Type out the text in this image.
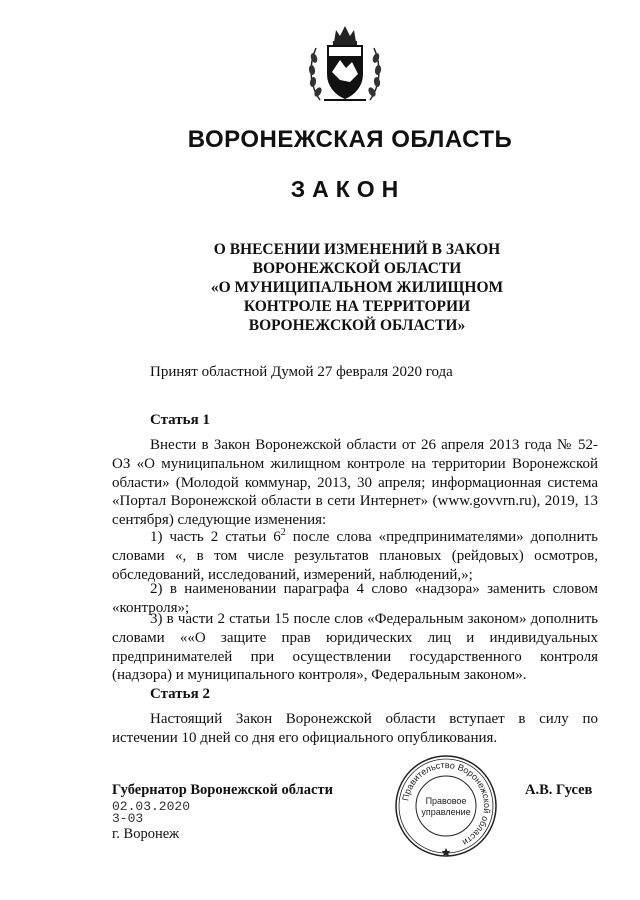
ВОРОНЕЖСКАЯ ОБЛАСТЬ
ЗАКОН
О ВНЕСЕНИИ ИЗМЕНЕНИЙ В ЗАКОН
ВОРОНЕЖСКОЙ ОБЛАСТИ
«О МУНИЦИПАЛЬНОМ ЖИЛИЩНОМ
КОНТРОЛЕ НА ТЕРРИТОРИИ
ВОРОНЕЖСКОЙ ОБЛАСТИ»
Принят областной Думой 27 февраля 2020 года
Статья 1

Внести в Закон Воронежской области от 26 апреля 2013 года № 52-ОЗ «О муниципальном жилищном контроле на территории Воронежской области» (Молодой коммунар, 2013, 30 апреля; информационная система «Портал Воронежской области в сети Интернет» (www.govvrn.ru), 2019, 13 сентября) следующие изменения:

1) часть 2 статьи $6^2$ после слова «предпринимателями» дополнить словами «, в том числе результатов плановых (рейдовых) осмотров, обследований, исследований, измерений, наблюдений,»;

2) в наименовании параграфа 4 слово «надзора» заменить словом «контроля»;

3) в части 2 статьи 15 после слов «Федеральным законом» дополнить словами ««О защите прав юридических лиц и индивидуальных предпринимателей при осуществлении государственного контроля (надзора) и муниципального контроля», Федеральным законом».

Статья 2

Настоящий Закон Воронежской области вступает в силу по истечении 10 дней со дня его официального опубликования.

Губернатор Воронежской области
02.03.2020
3-03
г. Воронеж
А.В. Гусев
Правительство Воронежской области
Правовое
управление
